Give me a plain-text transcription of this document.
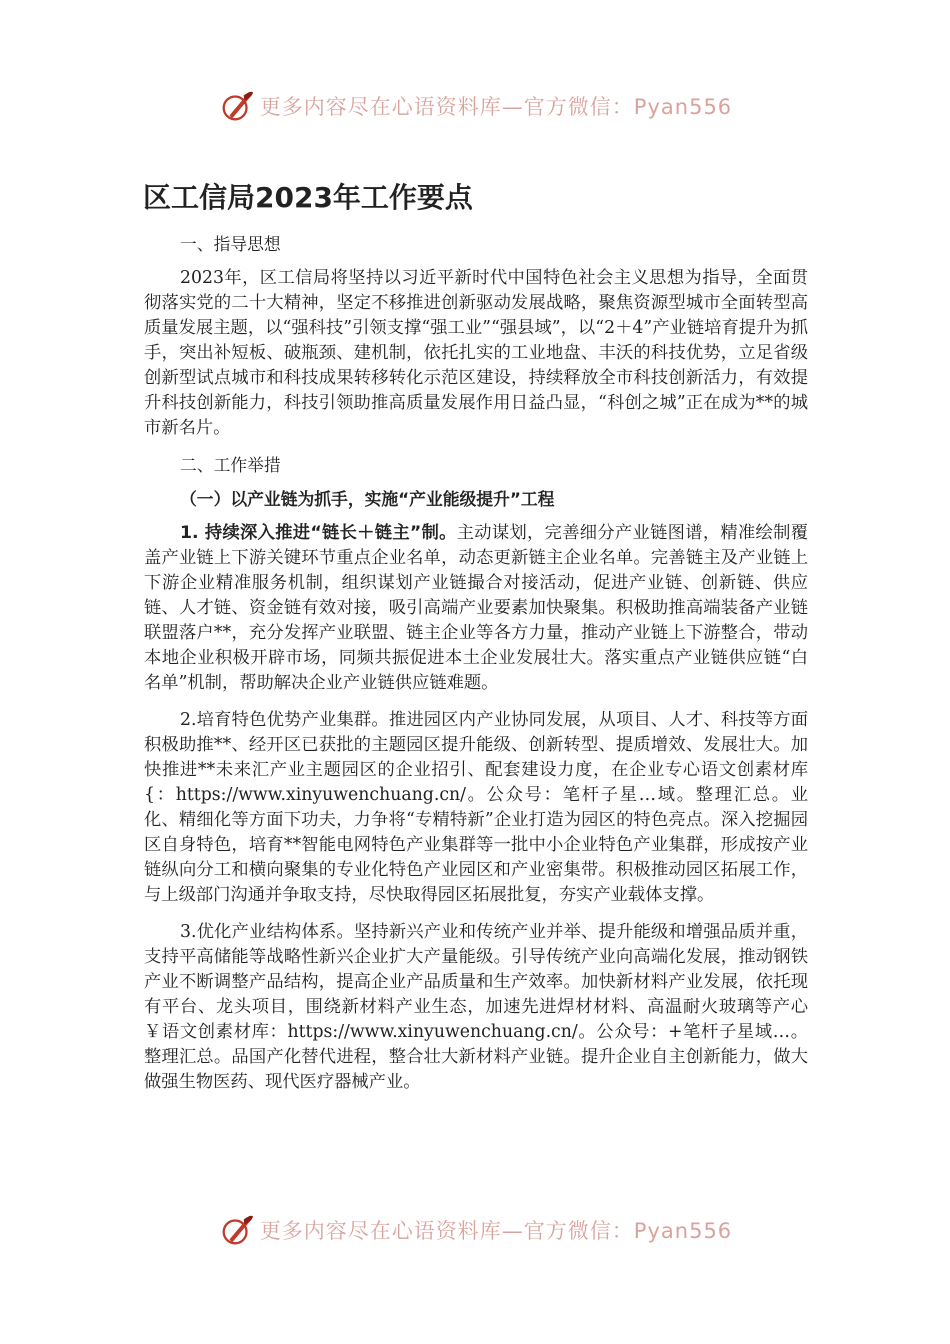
更多内容尽在心语资料库—官方微信：Pyan556
区工信局2023年工作要点
一、指导思想

2023年，区工信局将坚持以习近平新时代中国特色社会主义思想为指导，全面贯彻落实党的二十大精神，坚定不移推进创新驱动发展战略，聚焦资源型城市全面转型高质量发展主题，以“强科技”引领支撑“强工业”“强县域”，以“2＋4”产业链培育提升为抓手，突出补短板、破瓶颈、建机制，依托扎实的工业地盘、丰沃的科技优势，立足省级创新型试点城市和科技成果转移转化示范区建设，持续释放全市科技创新活力，有效提升科技创新能力，科技引领助推高质量发展作用日益凸显，“科创之城”正在成为**的城市新名片。

二、工作举措
（一）以产业链为抓手，实施“产业能级提升”工程

1. 持续深入推进“链长＋链主”制。主动谋划，完善细分产业链图谱，精准绘制覆盖产业链上下游关键环节重点企业名单，动态更新链主企业名单。完善链主及产业链上下游企业精准服务机制，组织谋划产业链撮合对接活动，促进产业链、创新链、供应链、人才链、资金链有效对接，吸引高端产业要素加快聚集。积极助推高端装备产业链联盟落户**，充分发挥产业联盟、链主企业等各方力量，推动产业链上下游整合，带动本地企业积极开辟市场，同频共振促进本土企业发展壮大。落实重点产业链供应链“白名单”机制，帮助解决企业产业链供应链难题。

2.培育特色优势产业集群。推进园区内产业协同发展，从项目、人才、科技等方面积极助推**、经开区已获批的主题园区提升能级、创新转型、提质增效、发展壮大。加快推进**未来汇产业主题园区的企业招引、配套建设力度，在企业专心语文创素材库{：https://www.xinyuwenchuang.cn/。公众号：笔杆子星…域。整理汇总。业化、精细化等方面下功夫，力争将“专精特新”企业打造为园区的特色亮点。深入挖掘园区自身特色，培育**智能电网特色产业集群等一批中小企业特色产业集群，形成按产业链纵向分工和横向聚集的专业化特色产业园区和产业密集带。积极推动园区拓展工作，与上级部门沟通并争取支持，尽快取得园区拓展批复，夯实产业载体支撑。

3.优化产业结构体系。坚持新兴产业和传统产业并举、提升能级和增强品质并重，支持平高储能等战略性新兴企业扩大产量能级。引导传统产业向高端化发展，推动钢铁产业不断调整产品结构，提高企业产品质量和生产效率。加快新材料产业发展，依托现有平台、龙头项目，围绕新材料产业生态，加速先进焊材材料、高温耐火玻璃等产心￥语文创素材库：https://www.xinyuwenchuang.cn/。公众号：+笔杆子星域…。整理汇总。品国产化替代进程，整合壮大新材料产业链。提升企业自主创新能力，做大做强生物医药、现代医疗器械产业。

更多内容尽在心语资料库—官方微信：Pyan556
